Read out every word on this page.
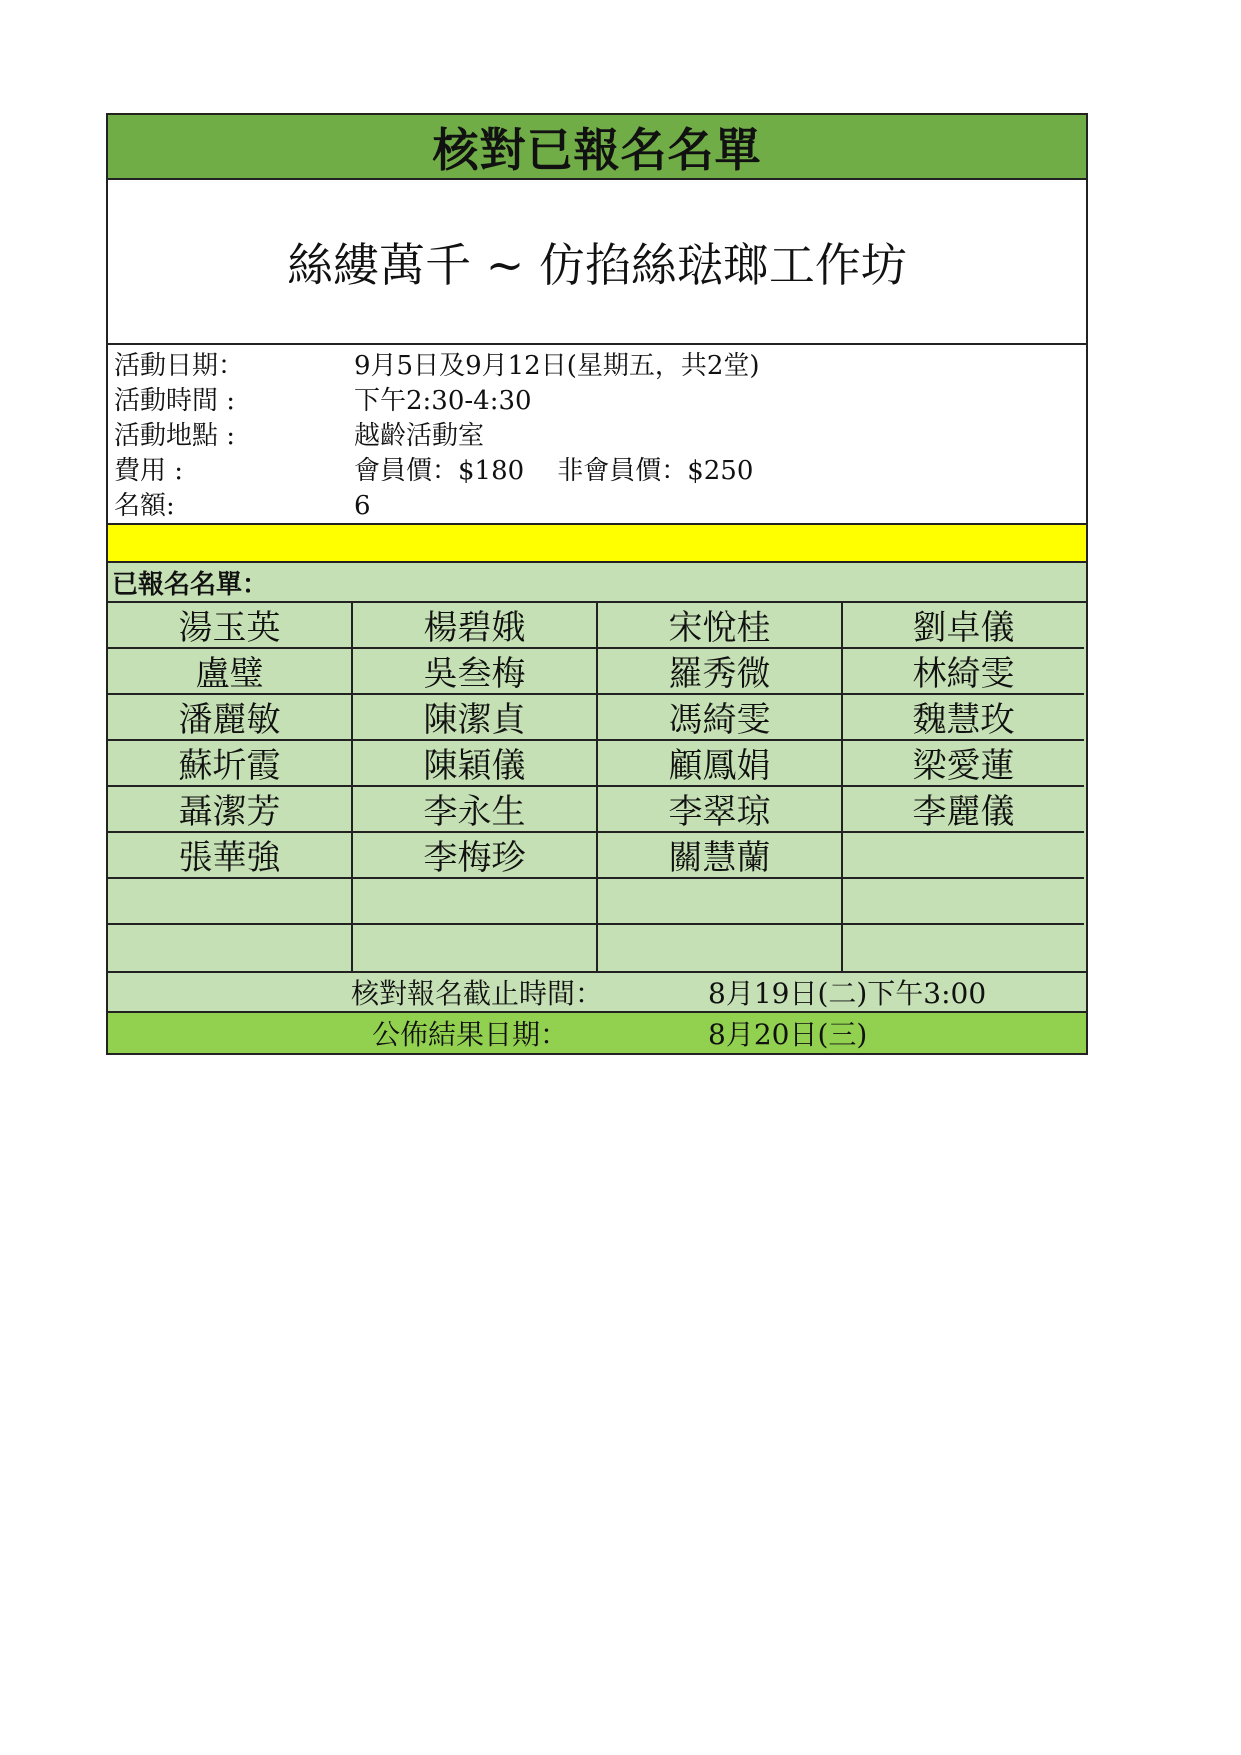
核對已報名名單
絲縷萬千 ~ 仿掐絲琺瑯工作坊
活動日期：	9月5日及9月12日(星期五，共2堂)
活動時間 :	下午2:30-4:30
活動地點 :	越齡活動室
費用 :	會員價：$180    非會員價：$250
名額:	6
已報名名單：
湯玉英	楊碧娥	宋悅桂	劉卓儀
盧璧	吳叁梅	羅秀微	林綺雯
潘麗敏	陳潔貞	馮綺雯	魏慧玫
蘇圻霞	陳穎儀	顧鳳娟	梁愛蓮
聶潔芳	李永生	李翠琼	李麗儀
張華強	李梅珍	關慧蘭
核對報名截止時間：	8月19日(二)下午3:00
公佈結果日期：	8月20日(三)
